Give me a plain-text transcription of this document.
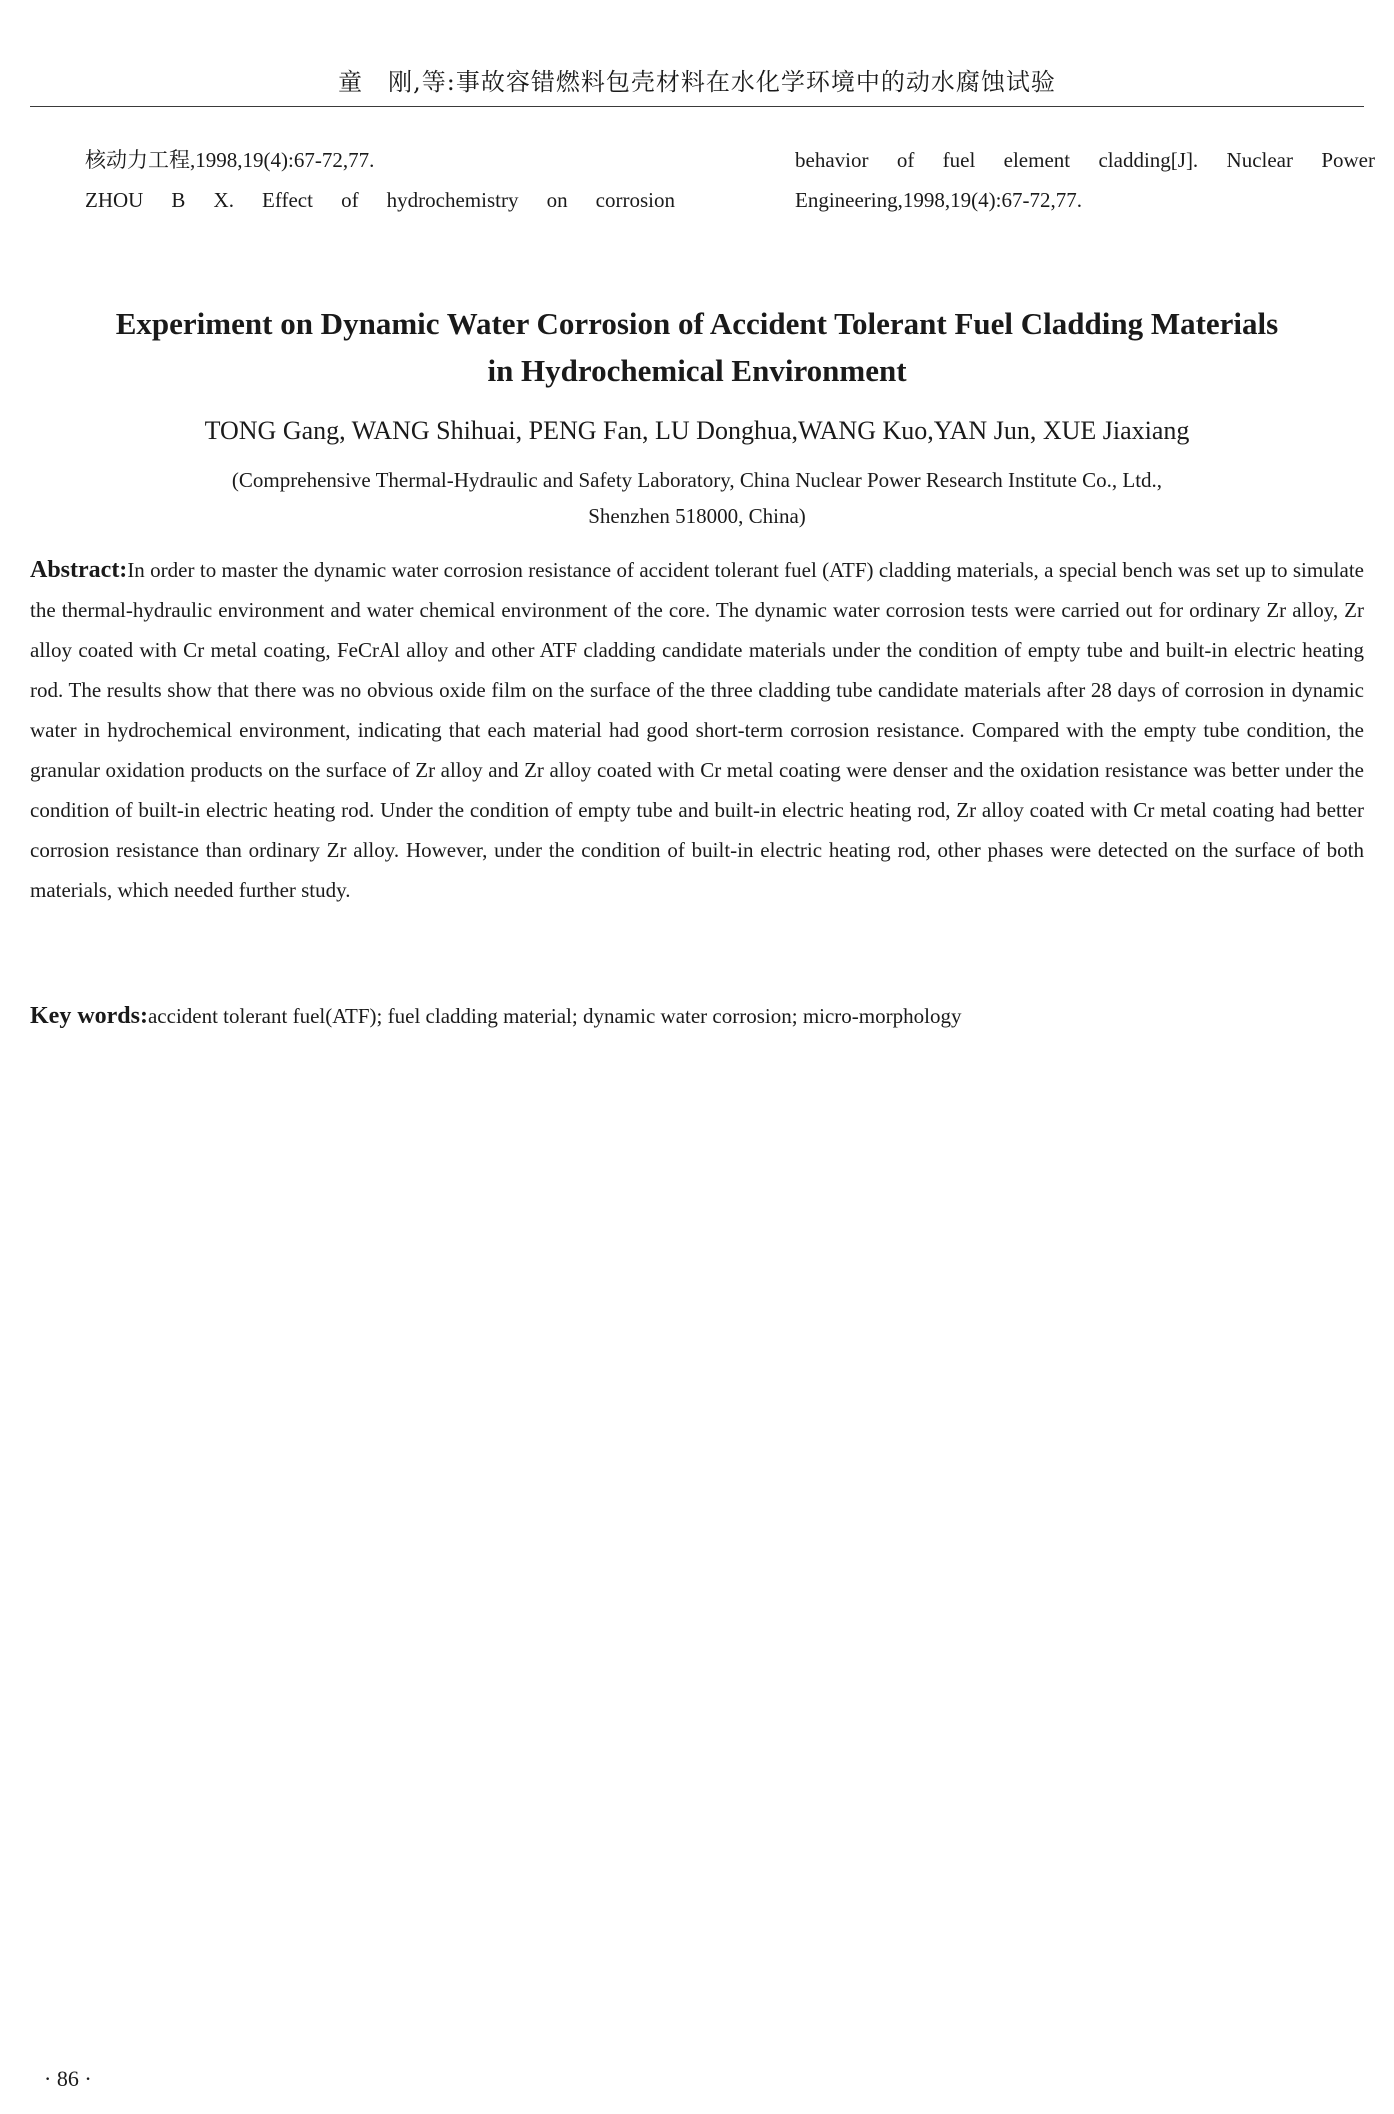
童　刚,等:事故容错燃料包壳材料在水化学环境中的动水腐蚀试验
核动力工程,1998,19(4):67-72,77.
ZHOU B X. Effect of hydrochemistry on corrosion
behavior of fuel element cladding[J]. Nuclear Power
Engineering,1998,19(4):67-72,77.
Experiment on Dynamic Water Corrosion of Accident Tolerant Fuel Cladding Materials
in Hydrochemical Environment
TONG Gang, WANG Shihuai, PENG Fan, LU Donghua,WANG Kuo,YAN Jun, XUE Jiaxiang
(Comprehensive Thermal-Hydraulic and Safety Laboratory, China Nuclear Power Research Institute Co., Ltd.,
Shenzhen 518000, China)
Abstract:In order to master the dynamic water corrosion resistance of accident tolerant fuel (ATF) cladding materials, a special bench was set up to simulate the thermal-hydraulic environment and water chemical environment of the core. The dynamic water corrosion tests were carried out for ordinary Zr alloy, Zr alloy coated with Cr metal coating, FeCrAl alloy and other ATF cladding candidate materials under the condition of empty tube and built-in electric heating rod. The results show that there was no obvious oxide film on the surface of the three cladding tube candidate materials after 28 days of corrosion in dynamic water in hydrochemical environment, indicating that each material had good short-term corrosion resistance. Compared with the empty tube condition, the granular oxidation products on the surface of Zr alloy and Zr alloy coated with Cr metal coating were denser and the oxidation resistance was better under the condition of built-in electric heating rod. Under the condition of empty tube and built-in electric heating rod, Zr alloy coated with Cr metal coating had better corrosion resistance than ordinary Zr alloy. However, under the condition of built-in electric heating rod, other phases were detected on the surface of both materials, which needed further study.
Key words:accident tolerant fuel(ATF); fuel cladding material; dynamic water corrosion; micro-morphology
· 86 ·
